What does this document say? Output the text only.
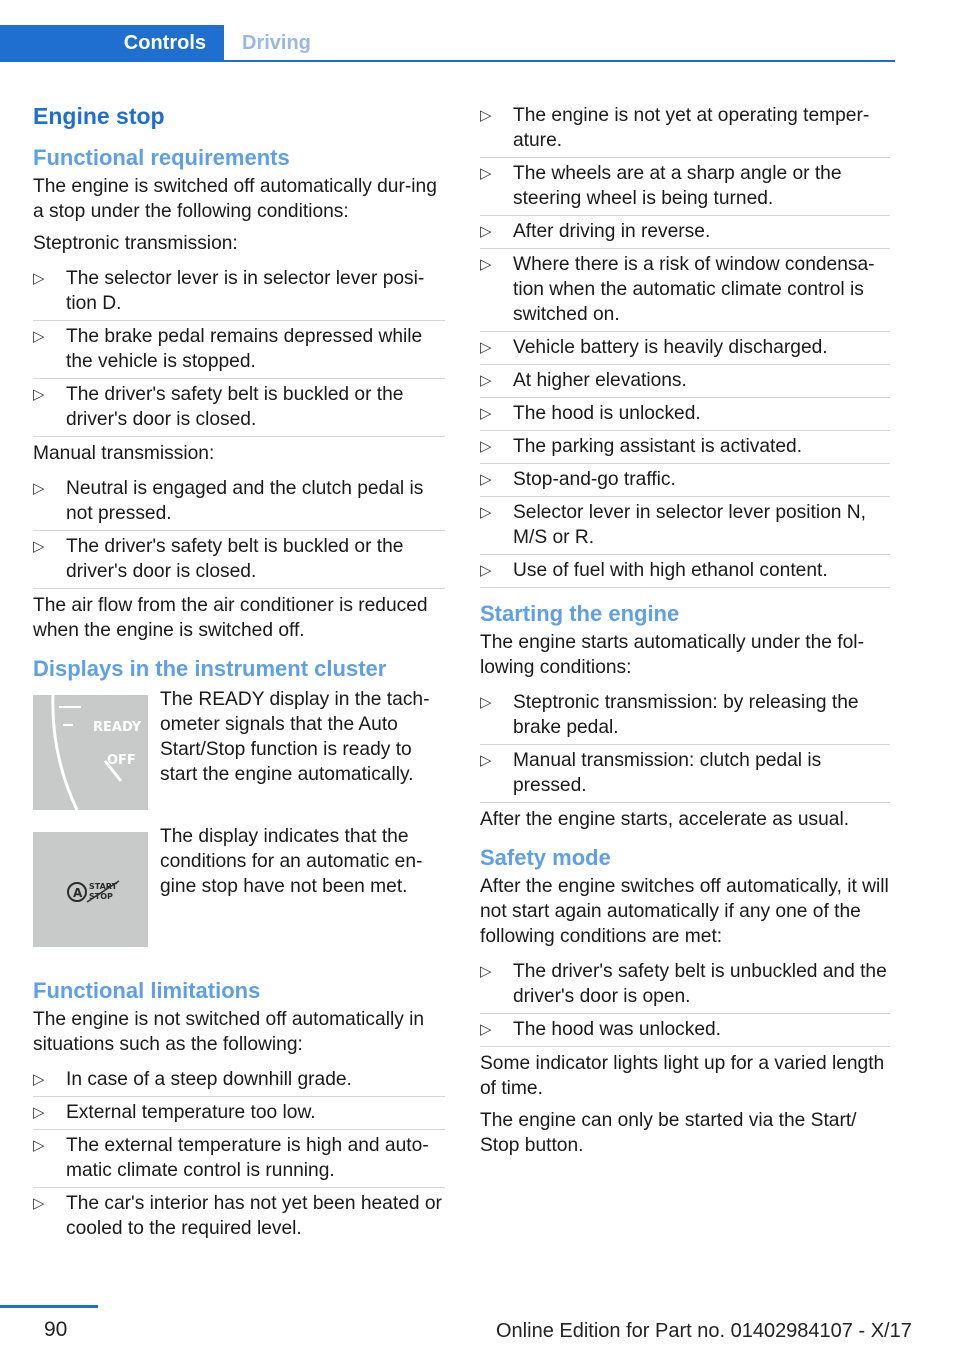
Controls	Driving
Engine stop
Functional requirements

The engine is switched off automatically dur-ing a stop under the following conditions:

Steptronic transmission:

▷ The selector lever is in selector lever posi-tion D.
▷ The brake pedal remains depressed while the vehicle is stopped.
▷ The driver's safety belt is buckled or the driver's door is closed.

Manual transmission:

▷ Neutral is engaged and the clutch pedal is not pressed.
▷ The driver's safety belt is buckled or the driver's door is closed.

The air flow from the air conditioner is reduced when the engine is switched off.

Displays in the instrument cluster
READY
OFF

The READY display in the tach-ometer signals that the Auto Start/Stop function is ready to start the engine automatically.

A START
STOP

The display indicates that the conditions for an automatic en-gine stop have not been met.

Functional limitations

The engine is not switched off automatically in situations such as the following:

▷ In case of a steep downhill grade.
▷ External temperature too low.
▷ The external temperature is high and auto-matic climate control is running.
▷ The car's interior has not yet been heated or cooled to the required level.
▷ The engine is not yet at operating temper-ature.
▷ The wheels are at a sharp angle or the steering wheel is being turned.
▷ After driving in reverse.
▷ Where there is a risk of window condensa-tion when the automatic climate control is switched on.
▷ Vehicle battery is heavily discharged.
▷ At higher elevations.
▷ The hood is unlocked.
▷ The parking assistant is activated.
▷ Stop-and-go traffic.
▷ Selector lever in selector lever position N, M/S or R.
▷ Use of fuel with high ethanol content.
Starting the engine

The engine starts automatically under the fol-lowing conditions:

▷ Steptronic transmission: by releasing the brake pedal.
▷ Manual transmission: clutch pedal is pressed.

After the engine starts, accelerate as usual.

Safety mode

After the engine switches off automatically, it will not start again automatically if any one of the following conditions are met:

▷ The driver's safety belt is unbuckled and the driver's door is open.
▷ The hood was unlocked.

Some indicator lights light up for a varied length of time.

The engine can only be started via the Start/ Stop button.

90	Online Edition for Part no. 01402984107 - X/17
